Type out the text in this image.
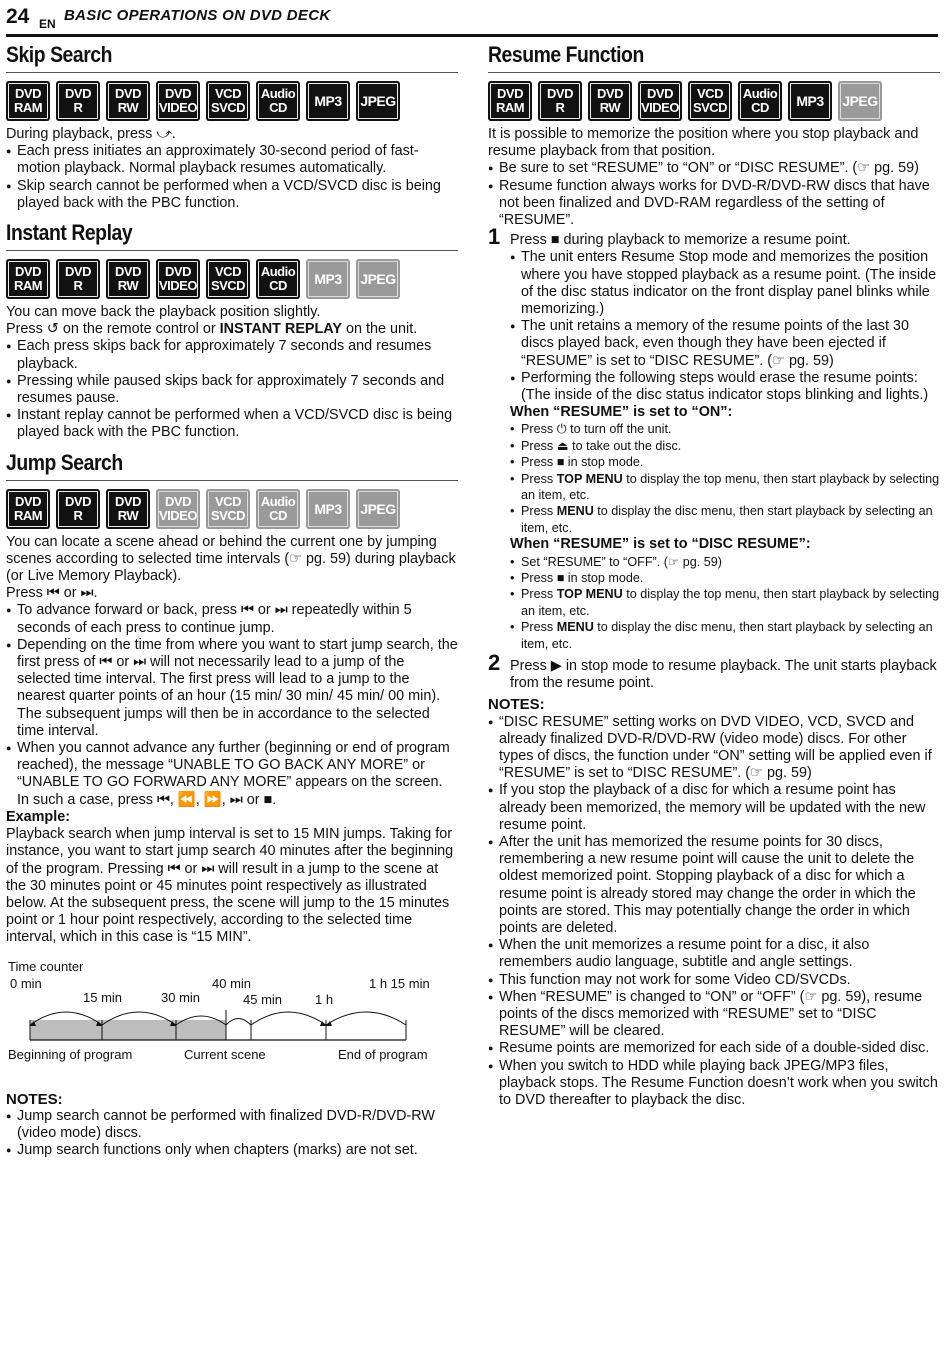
24 EN BASIC OPERATIONS ON DVD DECK
Skip Search
DVD
RAM
DVD
R
DVD
RW
DVD
VIDEO
VCD
SVCD
Audio
CD MP3 JPEG

During playback, press ⤻.

● Each press initiates an approximately 30-second period of fast-motion playback. Normal playback resumes automatically.

● Skip search cannot be performed when a VCD/SVCD disc is being played back with the PBC function.

Instant Replay
DVD
RAM
DVD
R
DVD
RW
DVD
VIDEO
VCD
SVCD
Audio
CD MP3 JPEG

You can move back the playback position slightly.

Press ↺ on the remote control or INSTANT REPLAY on the unit.

● Each press skips back for approximately 7 seconds and resumes playback.

● Pressing while paused skips back for approximately 7 seconds and resumes pause.

● Instant replay cannot be performed when a VCD/SVCD disc is being played back with the PBC function.

Jump Search
DVD
RAM
DVD
R
DVD
RW
DVD
VIDEO
VCD
SVCD
Audio
CD MP3 JPEG

You can locate a scene ahead or behind the current one by jumping scenes according to selected time intervals (☞ pg. 59) during playback (or Live Memory Playback).

Press ⏮ or ⏭.

● To advance forward or back, press ⏮ or ⏭ repeatedly within 5 seconds of each press to continue jump.

● Depending on the time from where you want to start jump search, the first press of ⏮ or ⏭ will not necessarily lead to a jump of the selected time interval. The first press will lead to a jump to the nearest quarter points of an hour (15 min/ 30 min/ 45 min/ 00 min). The subsequent jumps will then be in accordance to the selected time interval.

● When you cannot advance any further (beginning or end of program reached), the message “UNABLE TO GO BACK ANY MORE” or “UNABLE TO GO FORWARD ANY MORE” appears on the screen. In such a case, press ⏮, ⏪, ⏩, ⏭ or ■.

Example:

Playback search when jump interval is set to 15 MIN jumps. Taking for instance, you want to start jump search 40 minutes after the beginning of the program. Pressing ⏮ or ⏭ will result in a jump to the scene at the 30 minutes point or 45 minutes point respectively as illustrated below. At the subsequent press, the scene will jump to the 15 minutes point or 1 hour point respectively, according to the selected time interval, which in this case is “15 MIN”.

Time counter
0 min
15 min	30 min
40 min
45 min	1 h
1 h 15 min
Beginning of program	Current scene	End of program

NOTES:

● Jump search cannot be performed with finalized DVD-R/DVD-RW (video mode) discs.

● Jump search functions only when chapters (marks) are not set.

Resume Function
DVD
RAM
DVD
R
DVD
RW
DVD
VIDEO
VCD
SVCD
Audio
CD MP3 JPEG

It is possible to memorize the position where you stop playback and resume playback from that position.

● Be sure to set “RESUME” to “ON” or “DISC RESUME”. (☞ pg. 59)

● Resume function always works for DVD-R/DVD-RW discs that have not been finalized and DVD-RAM regardless of the setting of “RESUME”.

1 Press ■ during playback to memorize a resume point.

● The unit enters Resume Stop mode and memorizes the position where you have stopped playback as a resume point. (The inside of the disc status indicator on the front display panel blinks while memorizing.)

● The unit retains a memory of the resume points of the last 30 discs played back, even though they have been ejected if “RESUME” is set to “DISC RESUME”. (☞ pg. 59)

● Performing the following steps would erase the resume points: (The inside of the disc status indicator stops blinking and lights.)

When “RESUME” is set to “ON”:

• Press ⏻ to turn off the unit.

• Press ⏏ to take out the disc.

• Press ■ in stop mode.

• Press TOP MENU to display the top menu, then start playback by selecting an item, etc.

• Press MENU to display the disc menu, then start playback by selecting an item, etc.

When “RESUME” is set to “DISC RESUME”:

• Set “RESUME” to “OFF”. (☞ pg. 59)

• Press ■ in stop mode.

• Press TOP MENU to display the top menu, then start playback by selecting an item, etc.

• Press MENU to display the disc menu, then start playback by selecting an item, etc.

2 Press ▶ in stop mode to resume playback. The unit starts playback from the resume point.

NOTES:

● “DISC RESUME” setting works on DVD VIDEO, VCD, SVCD and already finalized DVD-R/DVD-RW (video mode) discs. For other types of discs, the function under “ON” setting will be applied even if “RESUME” is set to “DISC RESUME”. (☞ pg. 59)

● If you stop the playback of a disc for which a resume point has already been memorized, the memory will be updated with the new resume point.

● After the unit has memorized the resume points for 30 discs, remembering a new resume point will cause the unit to delete the oldest memorized point. Stopping playback of a disc for which a resume point is already stored may change the order in which the points are stored. This may potentially change the order in which points are deleted.

● When the unit memorizes a resume point for a disc, it also remembers audio language, subtitle and angle settings.

● This function may not work for some Video CD/SVCDs.

● When “RESUME” is changed to “ON” or “OFF” (☞ pg. 59), resume points of the discs memorized with “RESUME” set to “DISC RESUME” will be cleared.

● Resume points are memorized for each side of a double-sided disc.

● When you switch to HDD while playing back JPEG/MP3 files, playback stops. The Resume Function doesn’t work when you switch to DVD thereafter to playback the disc.
